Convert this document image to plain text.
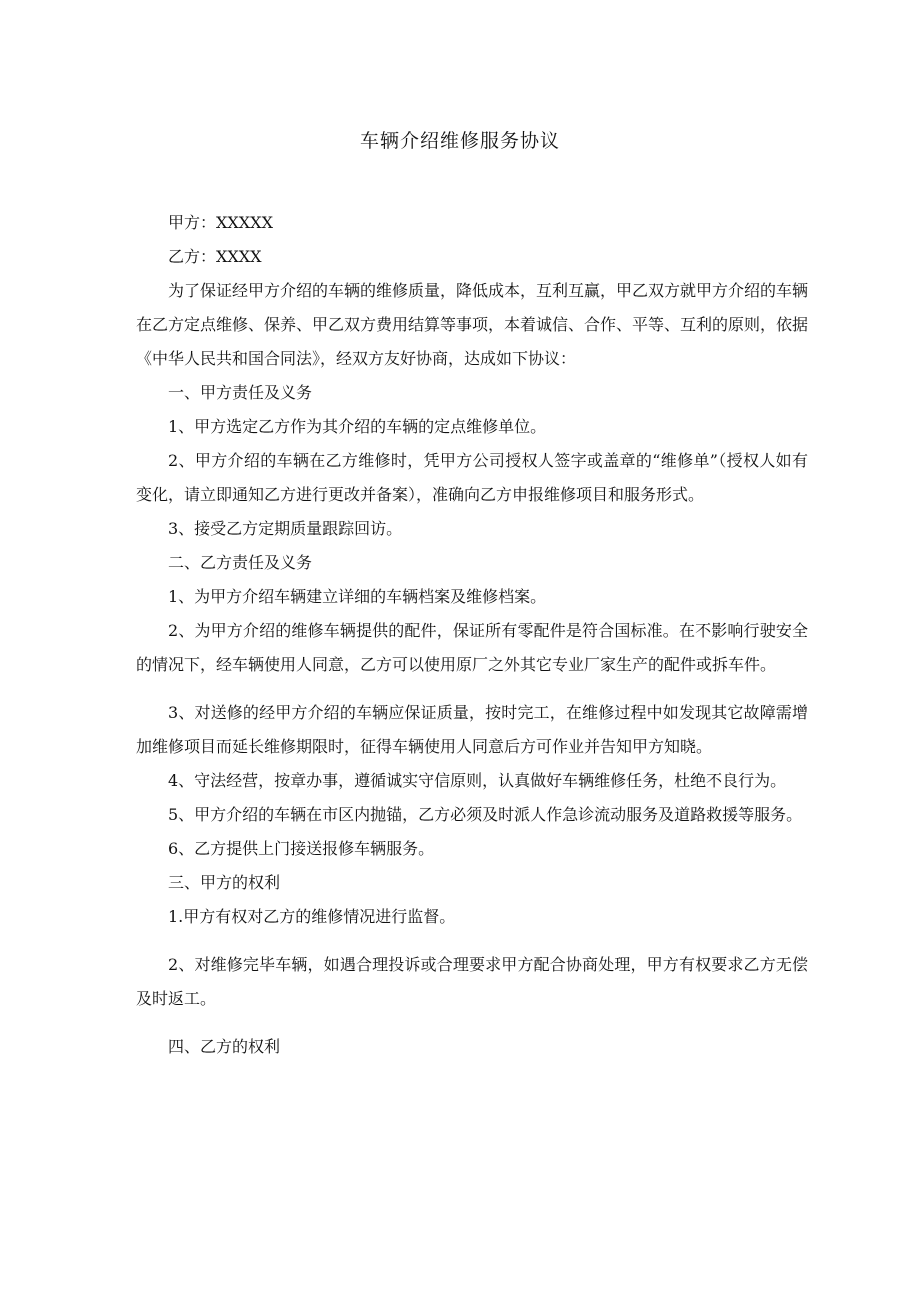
车辆介绍维修服务协议

甲方：XXXXX

乙方：XXXX

为了保证经甲方介绍的车辆的维修质量，降低成本，互利互赢，甲乙双方就甲方介绍的车辆在乙方定点维修、保养、甲乙双方费用结算等事项，本着诚信、合作、平等、互利的原则，依据《中华人民共和国合同法》，经双方友好协商，达成如下协议：

一、甲方责任及义务

1、甲方选定乙方作为其介绍的车辆的定点维修单位。

2、甲方介绍的车辆在乙方维修时，凭甲方公司授权人签字或盖章的“维修单”（授权人如有变化，请立即通知乙方进行更改并备案），准确向乙方申报维修项目和服务形式。

3、接受乙方定期质量跟踪回访。

二、乙方责任及义务

1、为甲方介绍车辆建立详细的车辆档案及维修档案。

2、为甲方介绍的维修车辆提供的配件，保证所有零配件是符合国标准。在不影响行驶安全的情况下，经车辆使用人同意，乙方可以使用原厂之外其它专业厂家生产的配件或拆车件。

3、对送修的经甲方介绍的车辆应保证质量，按时完工，在维修过程中如发现其它故障需增加维修项目而延长维修期限时，征得车辆使用人同意后方可作业并告知甲方知晓。

4、守法经营，按章办事，遵循诚实守信原则，认真做好车辆维修任务，杜绝不良行为。

5、甲方介绍的车辆在市区内抛锚，乙方必须及时派人作急诊流动服务及道路救援等服务。

6、乙方提供上门接送报修车辆服务。

三、甲方的权利

1.甲方有权对乙方的维修情况进行监督。

2、对维修完毕车辆，如遇合理投诉或合理要求甲方配合协商处理，甲方有权要求乙方无偿及时返工。

四、乙方的权利
